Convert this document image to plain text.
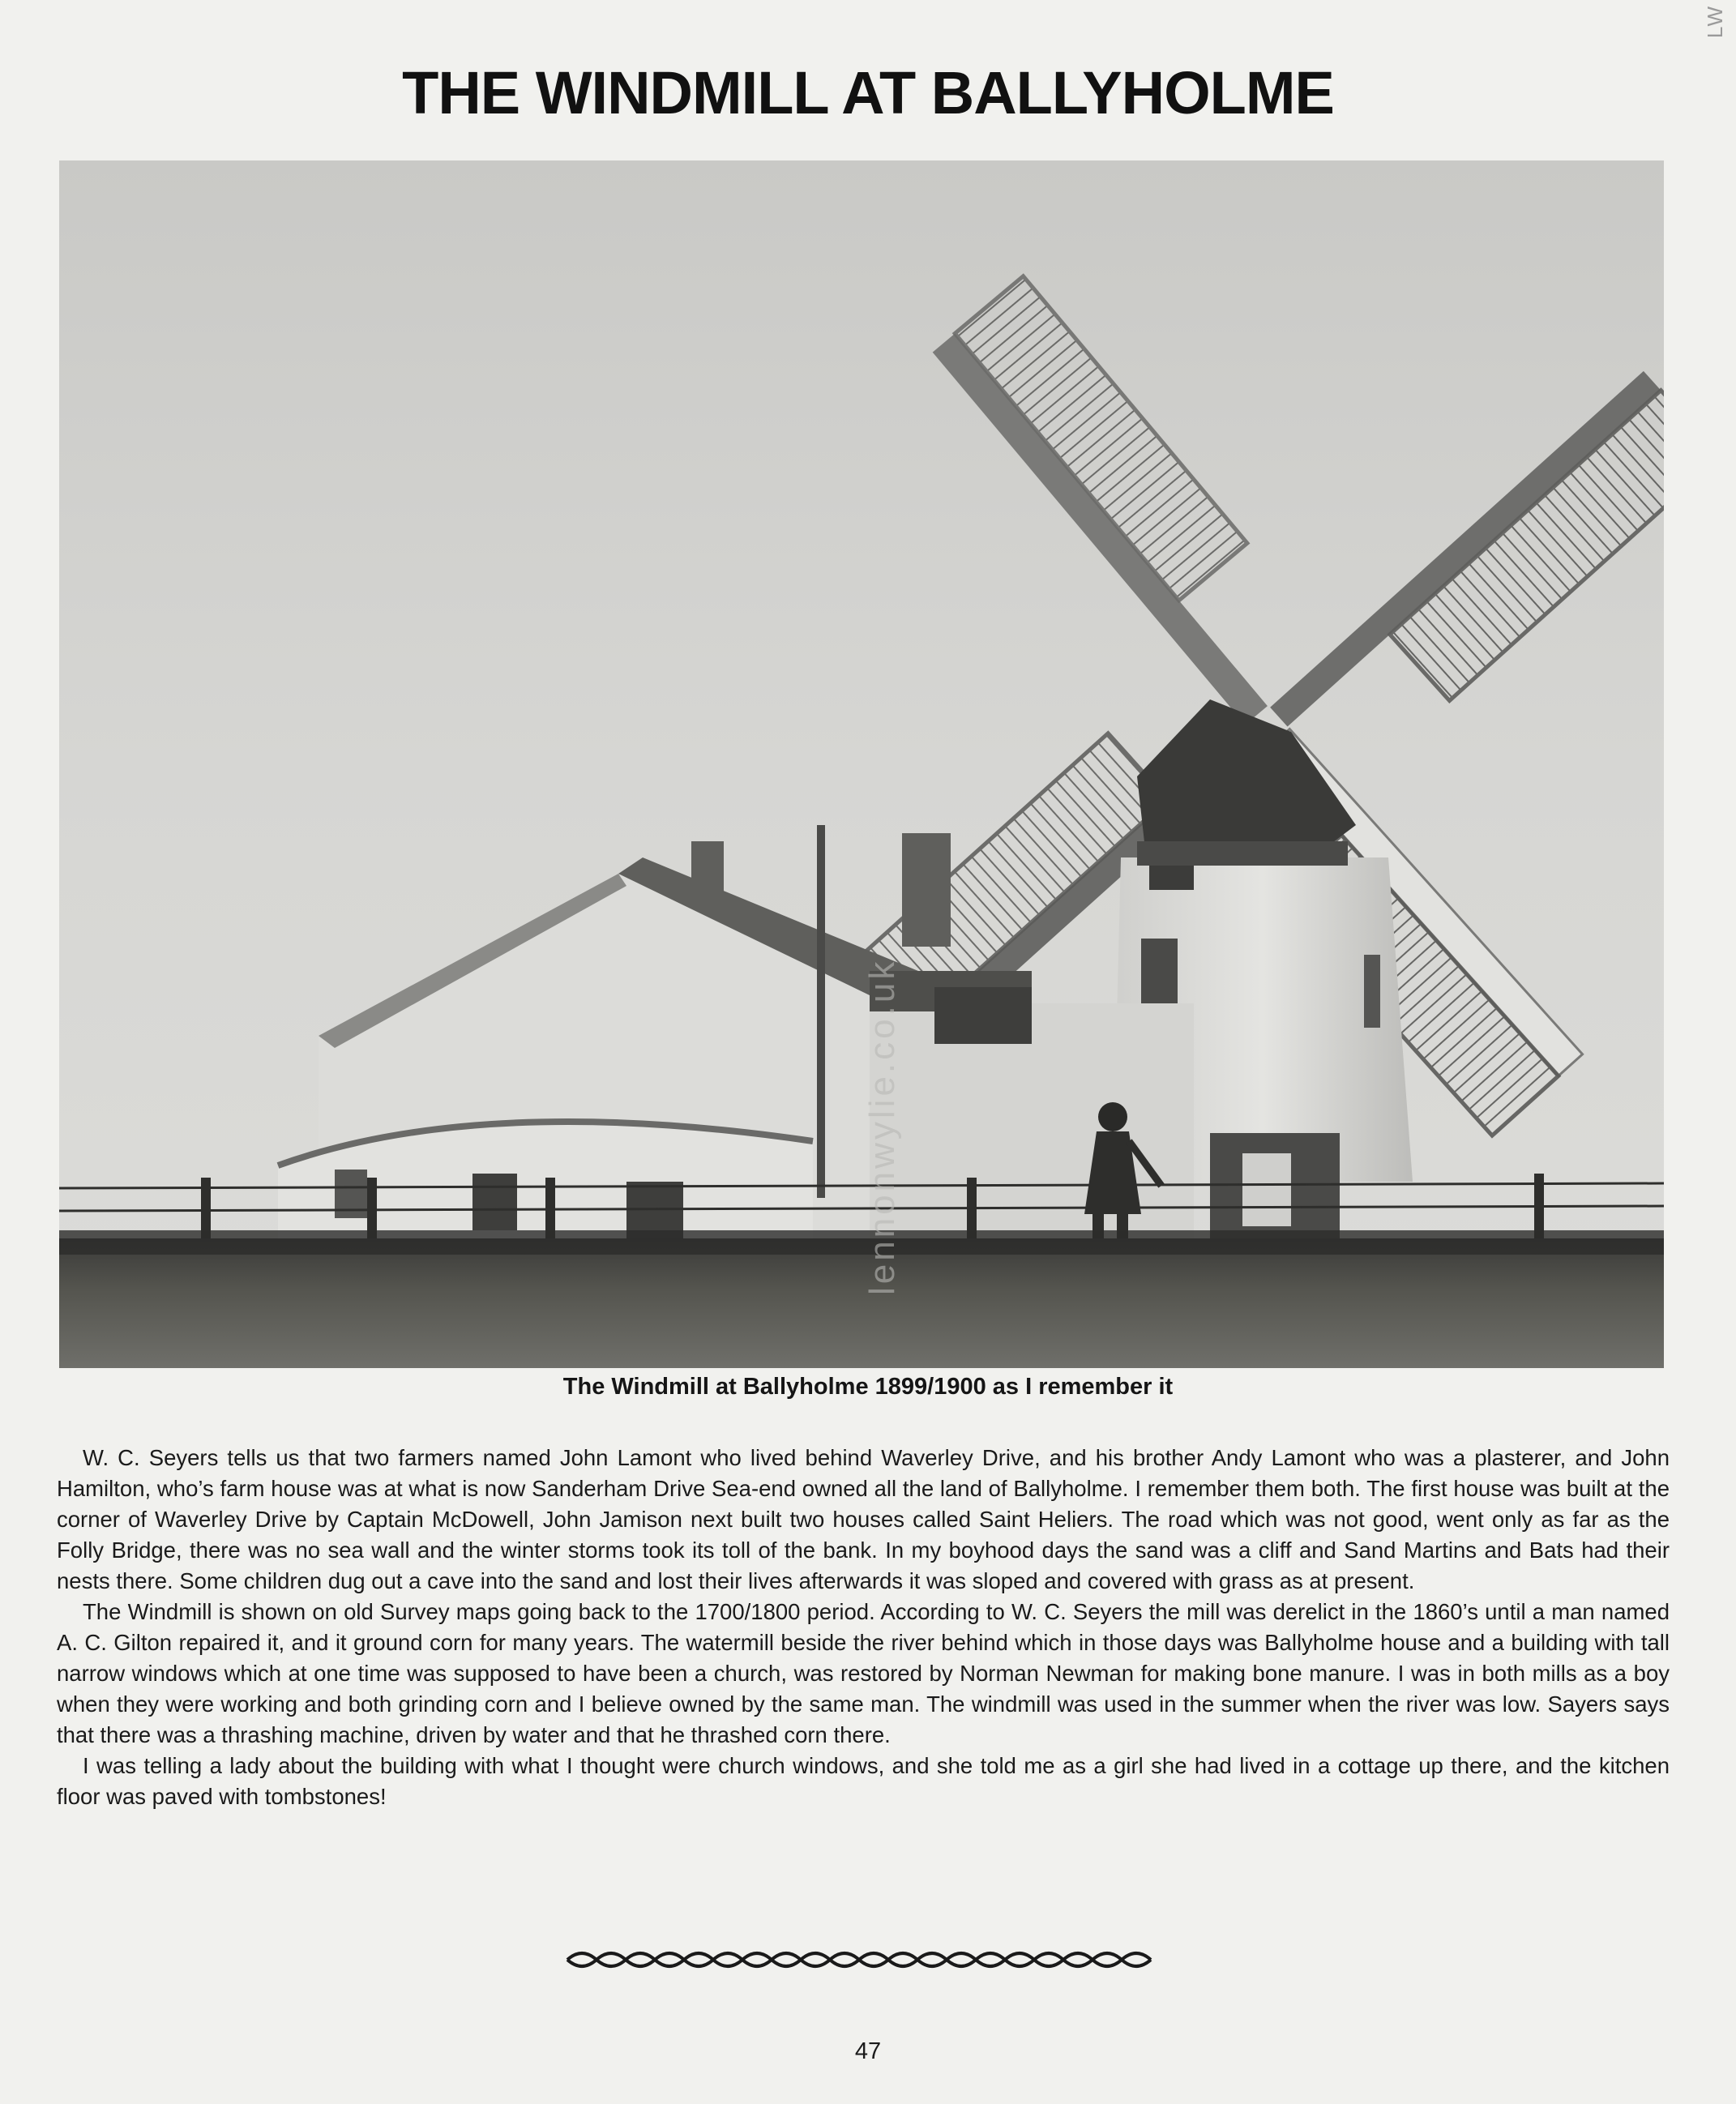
LW
THE WINDMILL AT BALLYHOLME
lennonwylie.co.uk
The Windmill at Ballyholme 1899/1900 as I remember it

W. C. Seyers tells us that two farmers named John Lamont who lived behind Waverley Drive, and his brother Andy Lamont who was a plasterer, and John Hamilton, who’s farm house was at what is now Sanderham Drive Sea-end owned all the land of Ballyholme. I remember them both. The first house was built at the corner of Waverley Drive by Captain McDowell, John Jamison next built two houses called Saint Heliers. The road which was not good, went only as far as the Folly Bridge, there was no sea wall and the winter storms took its toll of the bank. In my boyhood days the sand was a cliff and Sand Martins and Bats had their nests there. Some children dug out a cave into the sand and lost their lives afterwards it was sloped and covered with grass as at present.

The Windmill is shown on old Survey maps going back to the 1700/1800 period. According to W. C. Seyers the mill was derelict in the 1860’s until a man named A. C. Gilton repaired it, and it ground corn for many years. The watermill beside the river behind which in those days was Ballyholme house and a building with tall narrow windows which at one time was supposed to have been a church, was restored by Norman Newman for making bone manure. I was in both mills as a boy when they were working and both grinding corn and I believe owned by the same man. The windmill was used in the summer when the river was low. Sayers says that there was a thrashing machine, driven by water and that he thrashed corn there.

I was telling a lady about the building with what I thought were church windows, and she told me as a girl she had lived in a cottage up there, and the kitchen floor was paved with tombstones!

47
